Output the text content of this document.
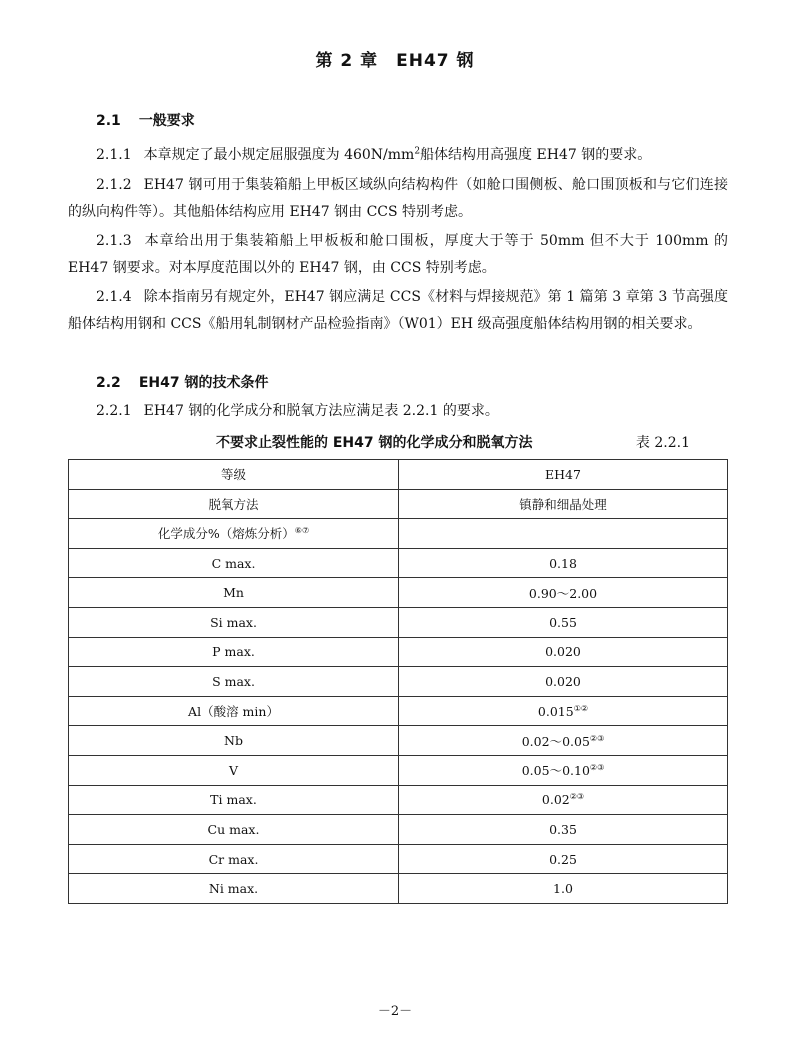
第 2 章　EH47 钢
2.1 一般要求
2.1.1 本章规定了最小规定屈服强度为 $460N/mm^2$船体结构用高强度 EH47 钢的要求。
2.1.2 EH47 钢可用于集装箱船上甲板区域纵向结构构件（如舱口围侧板、舱口围顶板和与它们连接的纵向构件等）。其他船体结构应用 EH47 钢由 CCS 特别考虑。
2.1.3 本章给出用于集装箱船上甲板板和舱口围板，厚度大于等于 50mm 但不大于 100mm 的 EH47 钢要求。对本厚度范围以外的 EH47 钢，由 CCS 特别考虑。
2.1.4 除本指南另有规定外，EH47 钢应满足 CCS《材料与焊接规范》第 1 篇第 3 章第 3 节高强度船体结构用钢和 CCS《船用轧制钢材产品检验指南》（W01）EH 级高强度船体结构用钢的相关要求。
2.2 EH47 钢的技术条件
2.2.1 EH47 钢的化学成分和脱氧方法应满足表 2.2.1 的要求。
不要求止裂性能的 EH47 钢的化学成分和脱氧方法	表 2.2.1
等级	EH47
脱氧方法	镇静和细晶处理
化学成分%（熔炼分析）⑥⑦	
C max.	0.18
Mn	0.90～2.00
Si max.	0.55
P max.	0.020
S max.	0.020
Al（酸溶 min）	0.015①②
Nb	0.02～0.05②③
V	0.05～0.10②③
Ti max.	0.02②③
Cu max.	0.35
Cr max.	0.25
Ni max.	1.0
－2－
